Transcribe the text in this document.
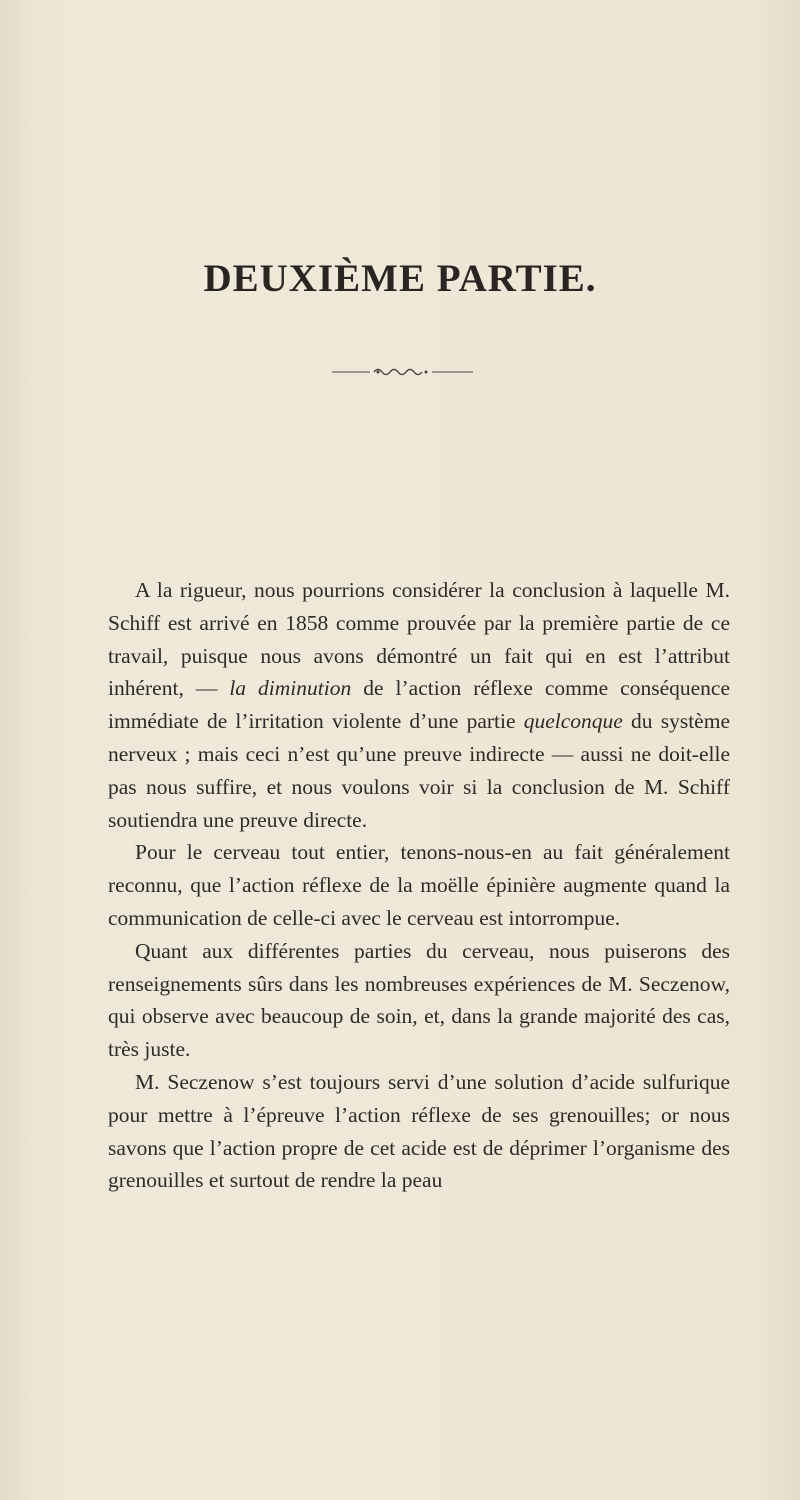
DEUXIÈME PARTIE.

A la rigueur, nous pourrions considérer la conclusion à laquelle M. Schiff est arrivé en 1858 comme prouvée par la première partie de ce travail, puisque nous avons démontré un fait qui en est l’attribut inhérent, — la diminution de l’action réflexe comme conséquence immédiate de l’irritation violente d’une partie quelconque du système nerveux ; mais ceci n’est qu’une preuve indirecte — aussi ne doit-elle pas nous suffire, et nous voulons voir si la conclusion de M. Schiff soutiendra une preuve directe.

Pour le cerveau tout entier, tenons-nous-en au fait généralement reconnu, que l’action réflexe de la moëlle épinière augmente quand la communication de celle-ci avec le cerveau est intorrompue.

Quant aux différentes parties du cerveau, nous puiserons des renseignements sûrs dans les nombreuses expériences de M. Seczenow, qui observe avec beaucoup de soin, et, dans la grande majorité des cas, très juste.

M. Seczenow s’est toujours servi d’une solution d’acide sulfurique pour mettre à l’épreuve l’action réflexe de ses grenouilles; or nous savons que l’action propre de cet acide est de déprimer l’organisme des grenouilles et surtout de rendre la peau
